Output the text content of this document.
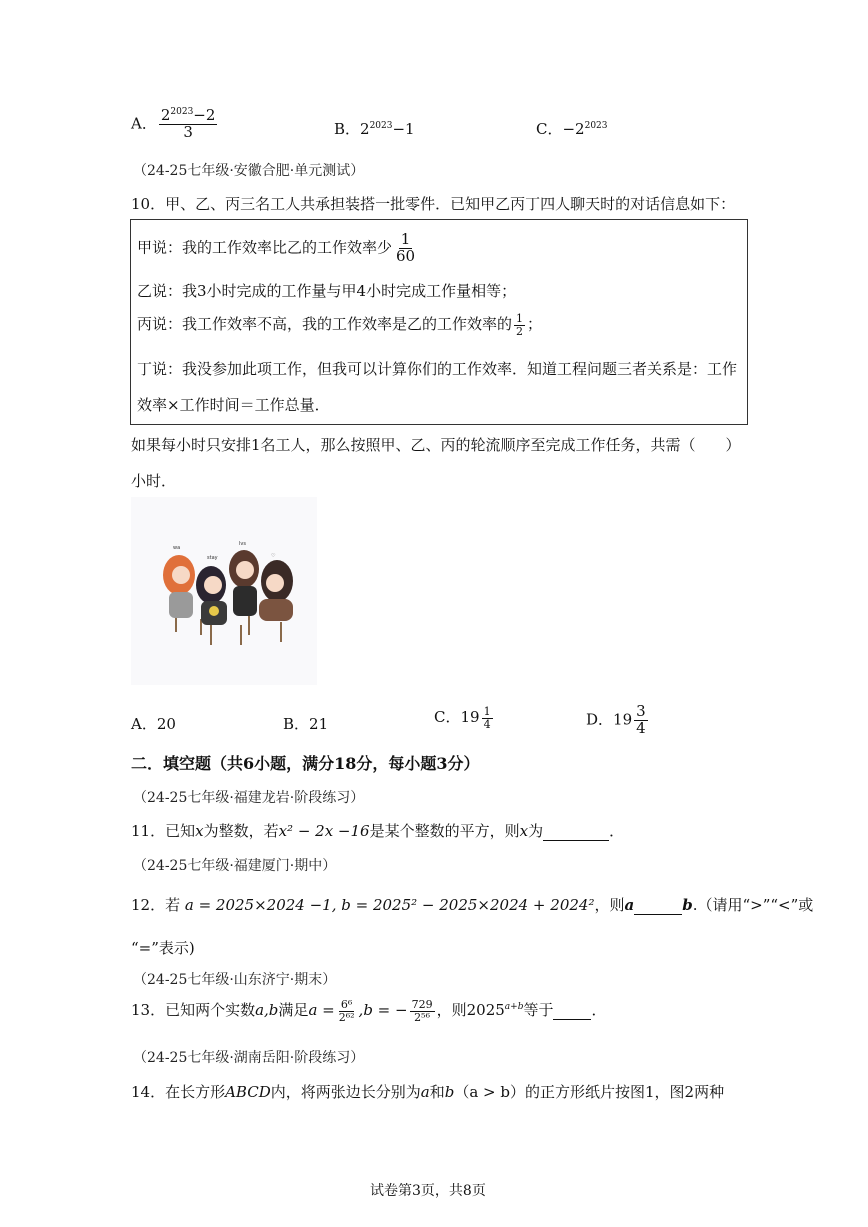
A． $\frac{2^{2023}-2}{3}$	B．$2^{2023}-1$	C．$-2^{2023}$
（24-25七年级·安徽合肥·单元测试）
10．甲、乙、丙三名工人共承担装搭一批零件．已知甲乙丙丁四人聊天时的对话信息如下：
甲说：我的工作效率比乙的工作效率少 $\frac{1}{60}$
乙说：我3小时完成的工作量与甲4小时完成工作量相等；
丙说：我工作效率不高，我的工作效率是乙的工作效率的 $\frac{1}{2}$ ；
丁说：我没参加此项工作，但我可以计算你们的工作效率．知道工程问题三者关系是：工作
效率×工作时间＝工作总量．
如果每小时只安排1名工人，那么按照甲、乙、丙的轮流顺序至完成工作任务，共需（　　）
小时．
wa
stay
lvs
♡
A．20	B．21	C．$19 \frac{1}{4}$	D．$19 \frac{3}{4}$
二．填空题（共6小题，满分18分，每小题3分）
（24-25七年级·福建龙岩·阶段练习）
11．已知x为整数，若x² − 2x −16是某个整数的平方，则x为	．
（24-25七年级·福建厦门·期中）
12．若 a = 2025×2024 −1, b = 2025² − 2025×2024 + 2024²，则a	b.（请用“>”“<”或
“=”表示)
（24-25七年级·山东济宁·期末）
13．已知两个实数a,b满足$a = \frac{\text{6⁶}}{\text{2⁶²}} ,b$ = − $\frac{729}{\text{2⁵⁶}}$ ，则$2025^{a+b}$等于	．
（24-25七年级·湖南岳阳·阶段练习）
14．在长方形ABCD内，将两张边长分别为a和b（a > b）的正方形纸片按图1，图2两种
试卷第3页，共8页
